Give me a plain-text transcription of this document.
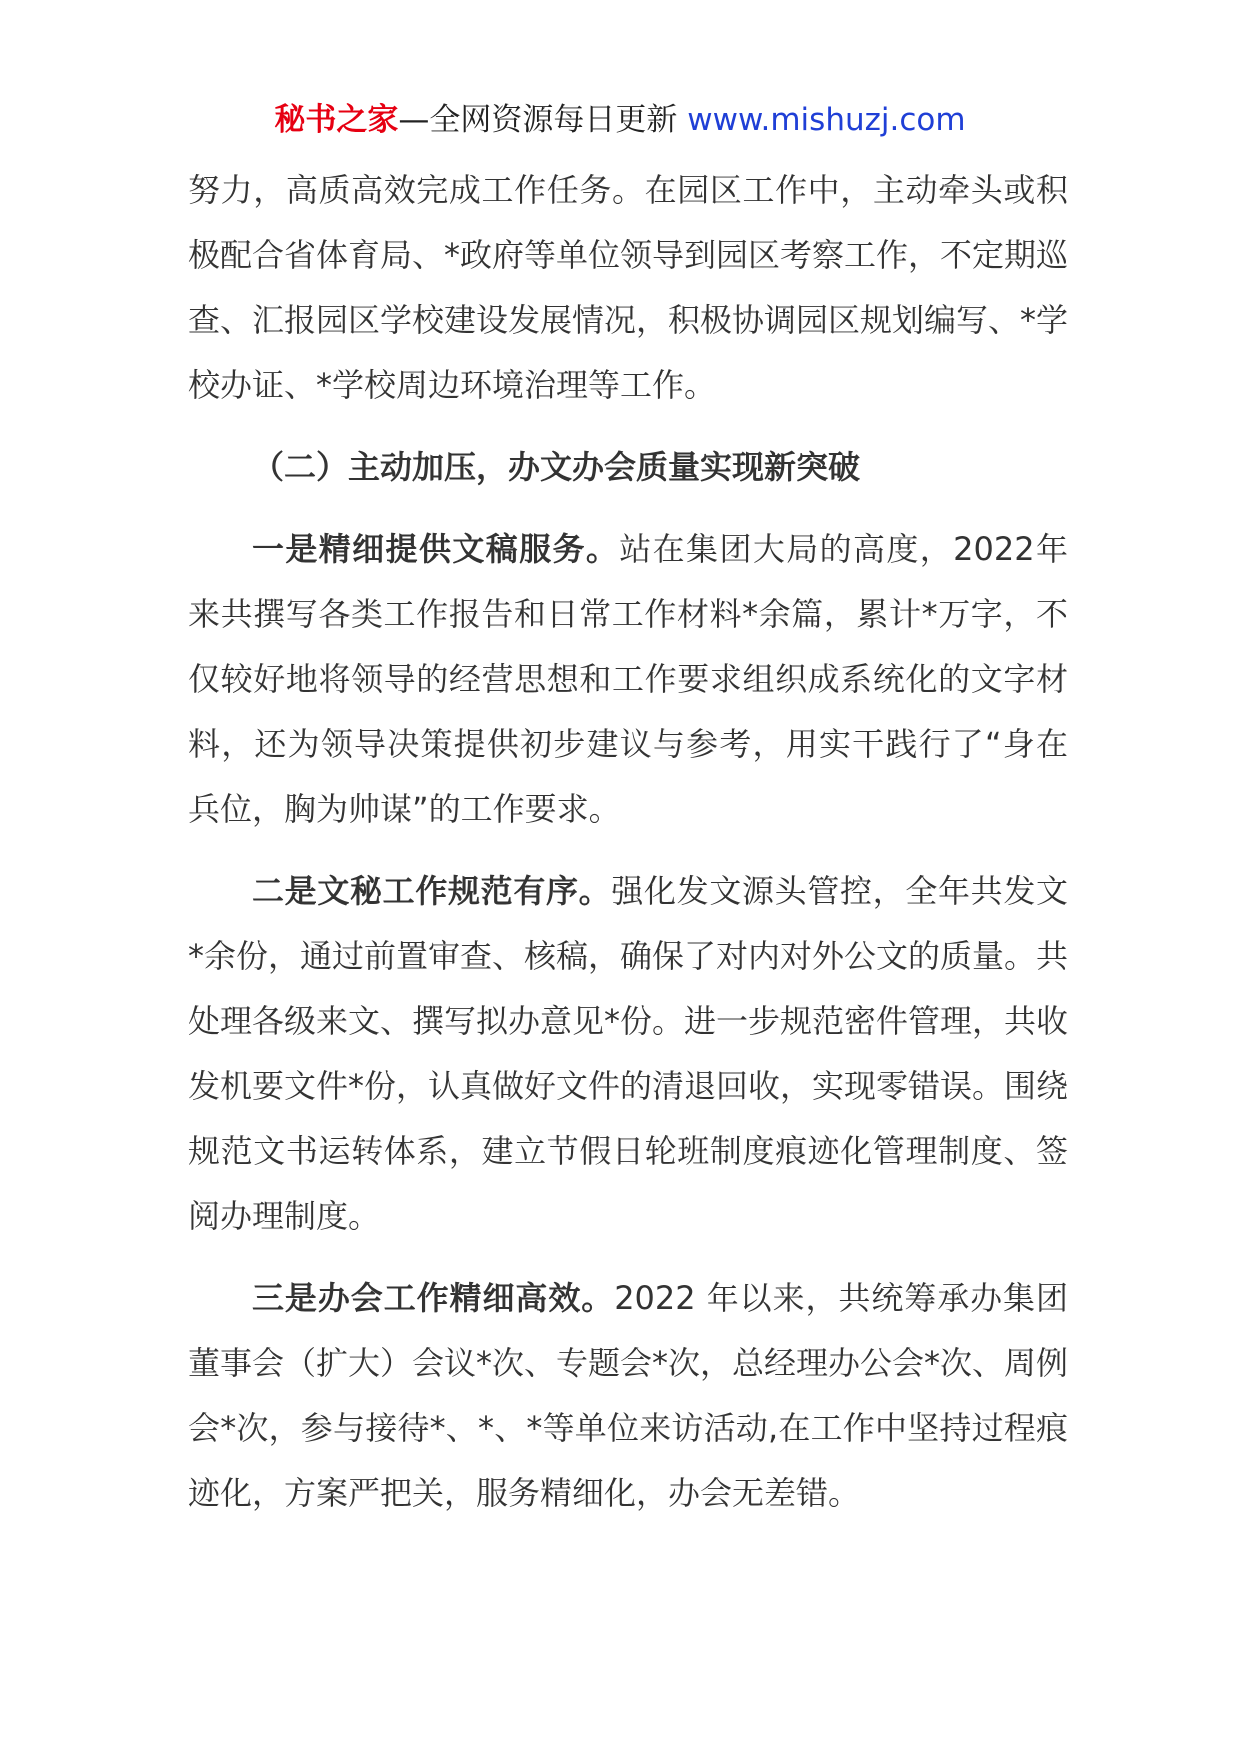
秘书之家—全网资源每日更新 www.mishuzj.com

努力，高质高效完成工作任务。在园区工作中，主动牵头或积极配合省体育局、*政府等单位领导到园区考察工作，不定期巡查、汇报园区学校建设发展情况，积极协调园区规划编写、*学校办证、*学校周边环境治理等工作。

（二）主动加压，办文办会质量实现新突破

一是精细提供文稿服务。站在集团大局的高度，2022年来共撰写各类工作报告和日常工作材料*余篇，累计*万字，不仅较好地将领导的经营思想和工作要求组织成系统化的文字材料，还为领导决策提供初步建议与参考，用实干践行了“身在兵位，胸为帅谋”的工作要求。

二是文秘工作规范有序。强化发文源头管控，全年共发文*余份，通过前置审查、核稿，确保了对内对外公文的质量。共处理各级来文、撰写拟办意见*份。进一步规范密件管理，共收发机要文件*份，认真做好文件的清退回收，实现零错误。围绕规范文书运转体系，建立节假日轮班制度痕迹化管理制度、签阅办理制度。

三是办会工作精细高效。2022 年以来，共统筹承办集团董事会（扩大）会议*次、专题会*次，总经理办公会*次、周例会*次，参与接待*、*、*等单位来访活动,在工作中坚持过程痕迹化，方案严把关，服务精细化，办会无差错。
